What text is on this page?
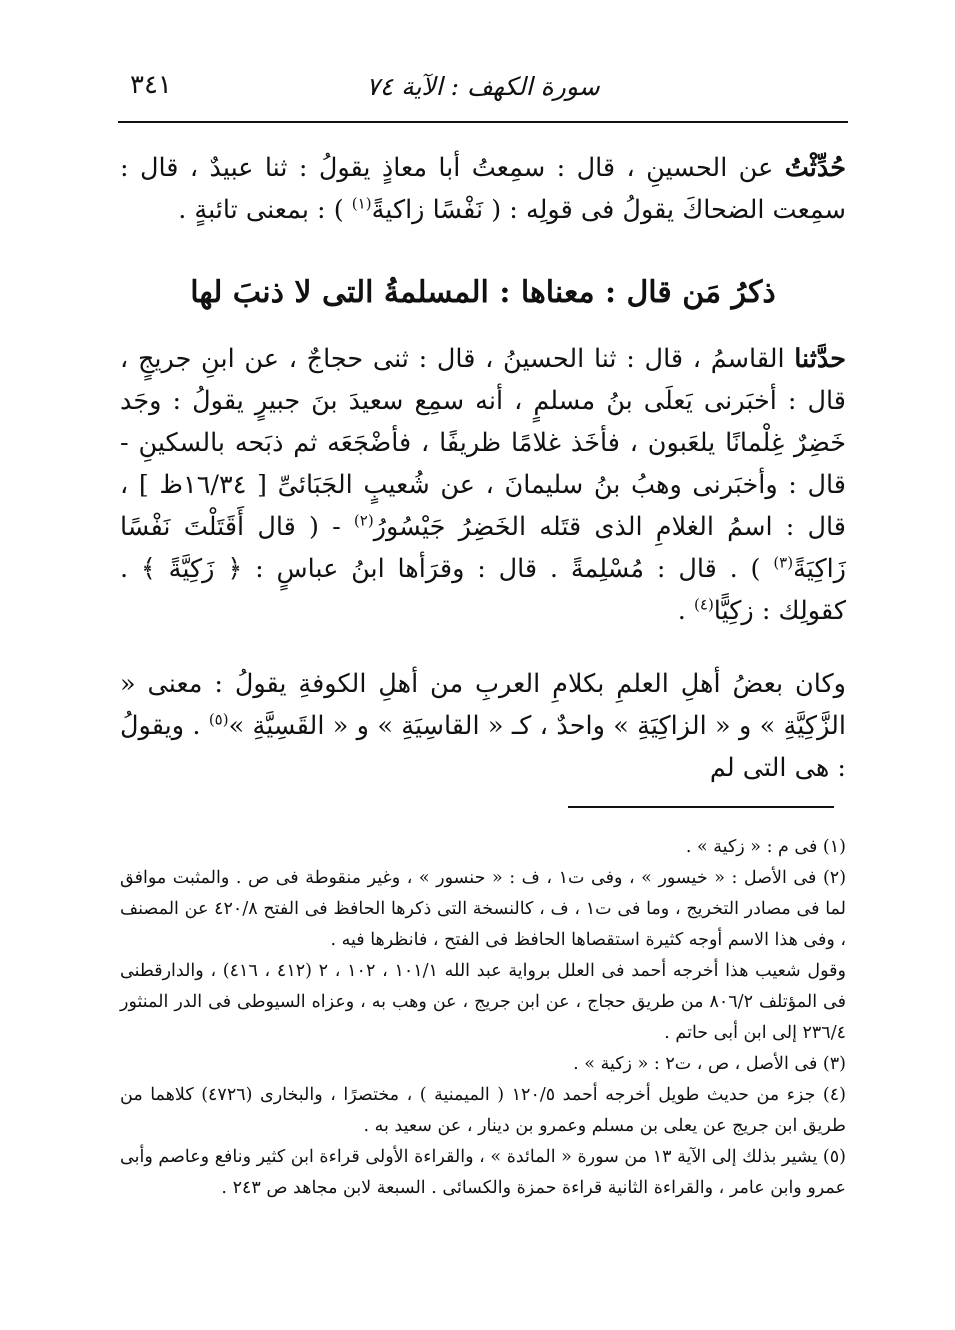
سورة الكهف : الآية ٧٤
٣٤١

حُدِّثْتُ عن الحسينِ ، قال : سمِعتُ أبا معاذٍ يقولُ : ثنا عبيدٌ ، قال : سمِعت الضحاكَ يقولُ فى قولِه : ( نَفْسًا زاكيةً$^{(١)}$ ) : بمعنى تائبةٍ .

ذكرُ مَن قال : معناها : المسلمةُ التى لا ذنبَ لها

حدَّثنا القاسمُ ، قال : ثنا الحسينُ ، قال : ثنى حجاجٌ ، عن ابنِ جريجٍ ، قال : أخبَرنى يَعلَى بنُ مسلمٍ ، أنه سمِع سعيدَ بنَ جبيرٍ يقولُ : وجَد خَضِرٌ غِلْمانًا يلعَبون ، فأخَذ غلامًا ظريفًا ، فأضْجَعَه ثم ذبَحه بالسكينِ - قال : وأخبَرنى وهبُ بنُ سليمانَ ، عن شُعيبٍ الجَبَائىِّ [ ١٦/٣٤ظ ] ، قال : اسمُ الغلامِ الذى قتَله الخَضِرُ جَيْسُورُ$^{(٢)}$ - ( قال أَقَتَلْتَ نَفْسًا زَاكِيَةً$^{(٣)}$ ) . قال : مُسْلِمةً . قال : وقرَأها ابنُ عباسٍ : ﴿ زَكِيَّةً ﴾ . كقولِك : زكِيًّا$^{(٤)}$ .

وكان بعضُ أهلِ العلمِ بكلامِ العربِ من أهلِ الكوفةِ يقولُ : معنى « الزَّكِيَّةِ » و « الزاكِيَةِ » واحدٌ ، كـ « القاسِيَةِ » و « القَسِيَّةِ »$^{(٥)}$ . ويقولُ : هى التى لم

(١) فى م : « زكية » .

(٢) فى الأصل : « خيسور » ، وفى ت١ ، ف : « حنسور » ، وغير منقوطة فى ص . والمثبت موافق لما فى مصادر التخريج ، وما فى ت١ ، ف ، كالنسخة التى ذكرها الحافظ فى الفتح ٤٢٠/٨ عن المصنف ، وفى هذا الاسم أوجه كثيرة استقصاها الحافظ فى الفتح ، فانظرها فيه .

وقول شعيب هذا أخرجه أحمد فى العلل برواية عبد الله ١٠١/١ ، ١٠٢ ، ٢ (٤١٢ ، ٤١٦) ، والدارقطنى فى المؤتلف ٨٠٦/٢ من طريق حجاج ، عن ابن جريج ، عن وهب به ، وعزاه السيوطى فى الدر المنثور ٢٣٦/٤ إلى ابن أبى حاتم .

(٣) فى الأصل ، ص ، ت٢ : « زكية » .

(٤) جزء من حديث طويل أخرجه أحمد ١٢٠/٥ ( الميمنية ) ، مختصرًا ، والبخارى (٤٧٢٦) كلاهما من طريق ابن جريج عن يعلى بن مسلم وعمرو بن دينار ، عن سعيد به .

(٥) يشير بذلك إلى الآية ١٣ من سورة « المائدة » ، والقراءة الأولى قراءة ابن كثير ونافع وعاصم وأبى عمرو وابن عامر ، والقراءة الثانية قراءة حمزة والكسائى . السبعة لابن مجاهد ص ٢٤٣ .
